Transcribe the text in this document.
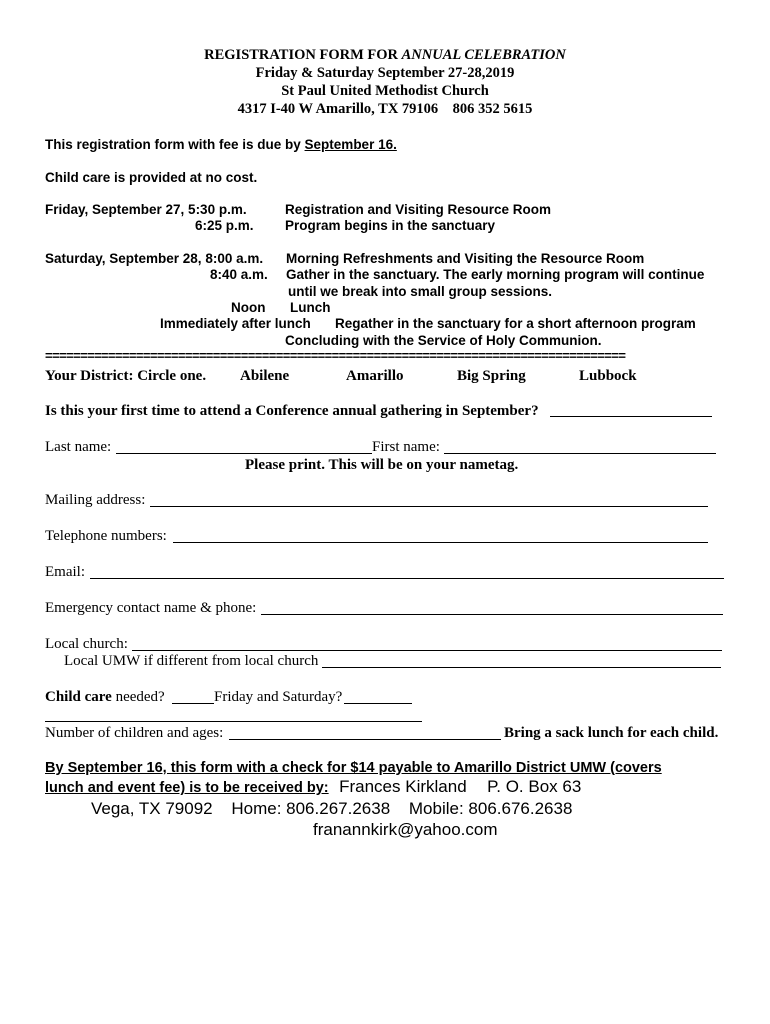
REGISTRATION FORM FOR ANNUAL CELEBRATION
Friday & Saturday September 27-28,2019
St Paul United Methodist Church
4317 I-40 W Amarillo, TX 79106    806 352 5615
This registration form with fee is due by September 16.
Child care is provided at no cost.
Friday, September 27, 5:30 p.m.	Registration and Visiting Resource Room
6:25 p.m. Program begins in the sanctuary
Saturday, September 28, 8:00 a.m. Morning Refreshments and Visiting the Resource Room
8:40 a.m. Gather in the sanctuary. The early morning program will continue
until we break into small group sessions.
Noon Lunch
Immediately after lunch Regather in the sanctuary for a short afternoon program
Concluding with the Service of Holy Communion.
===================================================================================
Your District: Circle one. Abilene	Amarillo	Big Spring	Lubbock
Is this your first time to attend a Conference annual gathering in September?
Last name:	First name:
Please print. This will be on your nametag.
Mailing address:
Telephone numbers:
Email:
Emergency contact name & phone:
Local church:
Local UMW if different from local church
Child care needed?	Friday and Saturday?
Number of children and ages:	Bring a sack lunch for each child.
By September 16, this form with a check for $14 payable to Amarillo District UMW (covers
lunch and event fee) is to be received by: Frances Kirkland P. O. Box 63
Vega, TX 79092 Home: 806.267.2638 Mobile: 806.676.2638
franannkirk@yahoo.com
